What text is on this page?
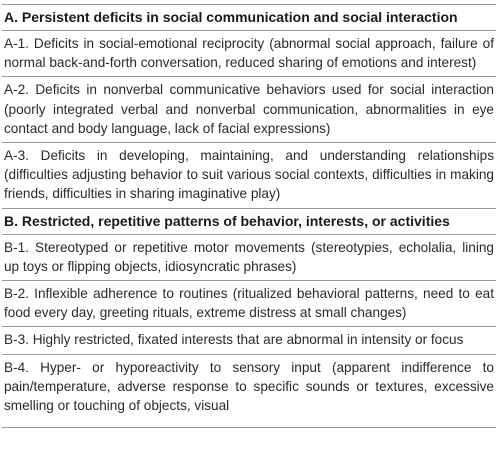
A. Persistent deficits in social communication and social interaction
A-1. Deficits in social-emotional reciprocity (abnormal social approach, failure of normal back-and-forth conversation, reduced sharing of emotions and interest)
A-2. Deficits in nonverbal communicative behaviors used for social interaction (poorly integrated verbal and nonverbal communication, abnormalities in eye contact and body language, lack of facial expressions)
A-3. Deficits in developing, maintaining, and understanding relationships (difficulties adjusting behavior to suit various social contexts, difficulties in making friends, difficulties in sharing imaginative play)
B. Restricted, repetitive patterns of behavior, interests, or activities
B-1. Stereotyped or repetitive motor movements (stereotypies, echolalia, lining up toys or flipping objects, idiosyncratic phrases)
B-2. Inflexible adherence to routines (ritualized behavioral patterns, need to eat food every day, greeting rituals, extreme distress at small changes)
B-3. Highly restricted, fixated interests that are abnormal in intensity or focus
B-4. Hyper- or hyporeactivity to sensory input (apparent indifference to pain/temperature, adverse response to specific sounds or textures, excessive smelling or touching of objects, visual
